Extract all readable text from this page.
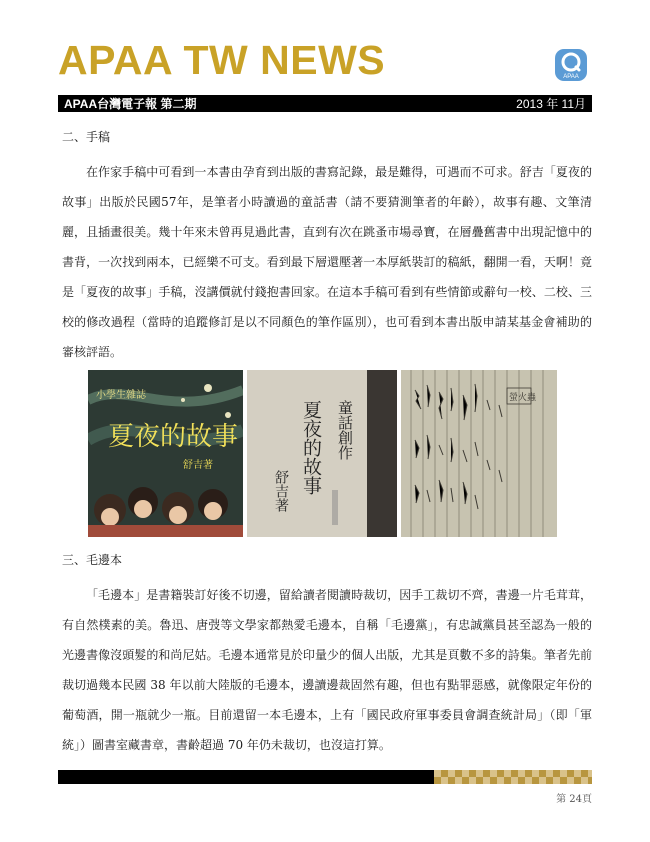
APAA TW NEWS	APAA
APAA台灣電子報 第二期	2013 年 11月
二、手稿

在作家手稿中可看到一本書由孕育到出版的書寫記錄，最是難得，可遇而不可求。舒吉「夏夜的故事」出版於民國57年，是筆者小時讀過的童話書（請不要猜測筆者的年齡），故事有趣、文筆清麗，且插畫很美。幾十年來未曾再見過此書，直到有次在跳蚤市場尋寶，在層疊舊書中出現記憶中的書背，一次找到兩本，已經樂不可支。看到最下層還壓著一本厚紙裝訂的稿紙，翻開一看，天啊！竟是「夏夜的故事」手稿，沒講價就付錢抱書回家。在這本手稿可看到有些情節或辭句一校、二校、三校的修改過程（當時的追蹤修訂是以不同顏色的筆作區別），也可看到本書出版申請某基金會補助的審核評語。

小學生雜誌
夏夜的故事
舒吉著
童話創作
夏夜的故事
舒吉著
螢火蟲
三、毛邊本

「毛邊本」是書籍裝訂好後不切邊，留給讀者閱讀時裁切，因手工裁切不齊，書邊一片毛茸茸，有自然樸素的美。魯迅、唐弢等文學家都熱愛毛邊本，自稱「毛邊黨」，有忠誠黨員甚至認為一般的光邊書像沒頭髮的和尚尼姑。毛邊本通常見於印量少的個人出版，尤其是頁數不多的詩集。筆者先前裁切過幾本民國 38 年以前大陸版的毛邊本，邊讀邊裁固然有趣，但也有點罪惡感，就像限定年份的葡萄酒，開一瓶就少一瓶。目前還留一本毛邊本，上有「國民政府軍事委員會調查統計局」（即「軍統」）圖書室藏書章，書齡超過 70 年仍未裁切，也沒這打算。

第 24頁
